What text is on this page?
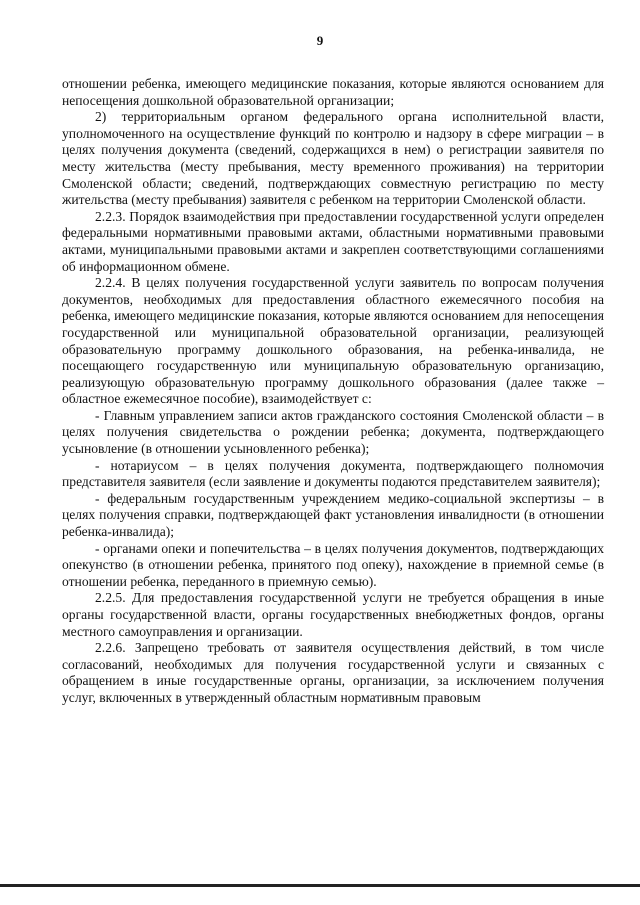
9

отношении ребенка, имеющего медицинские показания, которые являются основанием для непосещения дошкольной образовательной организации;

2) территориальным органом федерального органа исполнительной власти, уполномоченного на осуществление функций по контролю и надзору в сфере миграции – в целях получения документа (сведений, содержащихся в нем) о регистрации заявителя по месту жительства (месту пребывания, месту временного проживания) на территории Смоленской области; сведений, подтверждающих совместную регистрацию по месту жительства (месту пребывания) заявителя с ребенком на территории Смоленской области.

2.2.3. Порядок взаимодействия при предоставлении государственной услуги определен федеральными нормативными правовыми актами, областными нормативными правовыми актами, муниципальными правовыми актами и закреплен соответствующими соглашениями об информационном обмене.

2.2.4. В целях получения государственной услуги заявитель по вопросам получения документов, необходимых для предоставления областного ежемесячного пособия на ребенка, имеющего медицинские показания, которые являются основанием для непосещения государственной или муниципальной образовательной организации, реализующей образовательную программу дошкольного образования, на ребенка-инвалида, не посещающего государственную или муниципальную образовательную организацию, реализующую образовательную программу дошкольного образования (далее также – областное ежемесячное пособие), взаимодействует с:

- Главным управлением записи актов гражданского состояния Смоленской области – в целях получения свидетельства о рождении ребенка; документа, подтверждающего усыновление (в отношении усыновленного ребенка);

- нотариусом – в целях получения документа, подтверждающего полномочия представителя заявителя (если заявление и документы подаются представителем заявителя);

- федеральным государственным учреждением медико-социальной экспертизы – в целях получения справки, подтверждающей факт установления инвалидности (в отношении ребенка-инвалида);

- органами опеки и попечительства – в целях получения документов, подтверждающих опекунство (в отношении ребенка, принятого под опеку), нахождение в приемной семье (в отношении ребенка, переданного в приемную семью).

2.2.5. Для предоставления государственной услуги не требуется обращения в иные органы государственной власти, органы государственных внебюджетных фондов, органы местного самоуправления и организации.

2.2.6. Запрещено требовать от заявителя осуществления действий, в том числе согласований, необходимых для получения государственной услуги и связанных с обращением в иные государственные органы, организации, за исключением получения услуг, включенных в утвержденный областным нормативным правовым
